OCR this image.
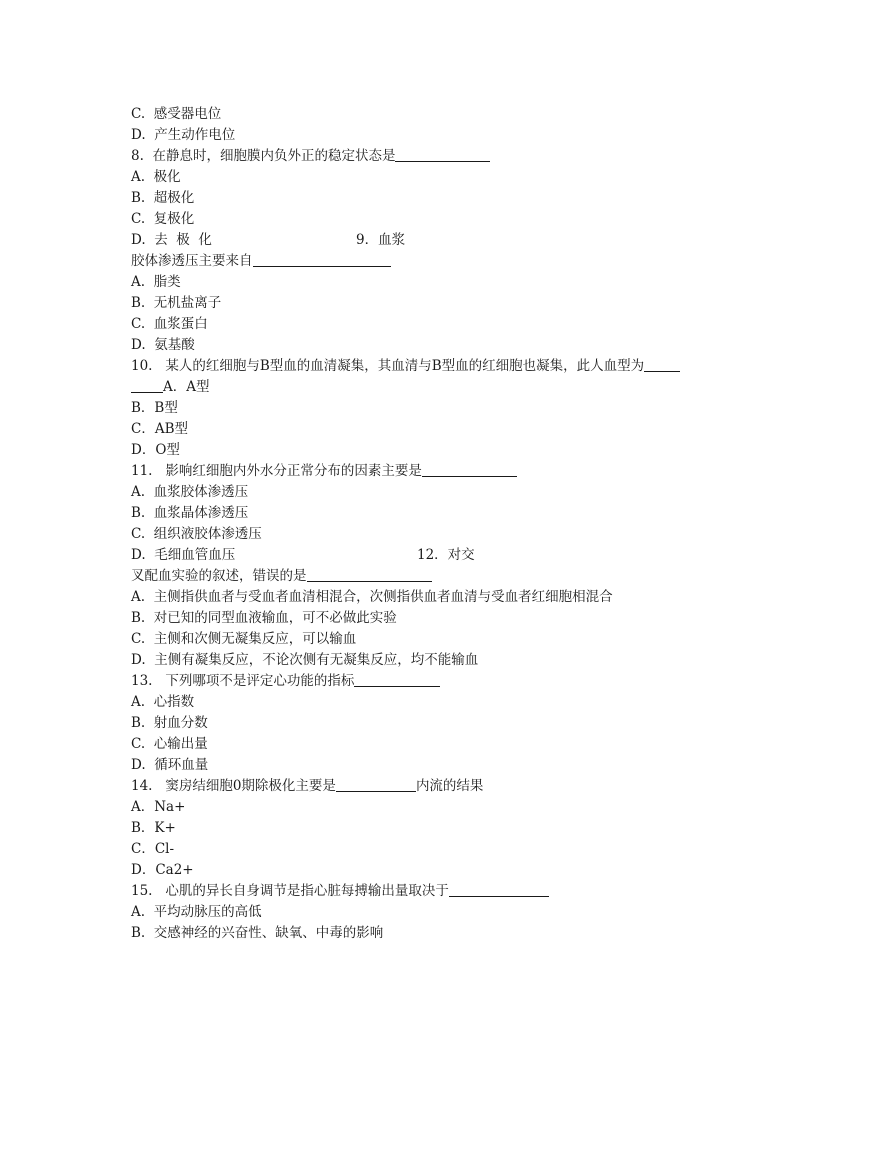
C.  感受器电位
D.  产生动作电位
8.  在静息时，细胞膜内负外正的稳定状态是
A.  极化
B.  超极化
C.  复极化
D.  去  极  化	9．血浆
胶体渗透压主要来自
A.  脂类
B.  无机盐离子
C.  血浆蛋白
D.  氨基酸
10.   某人的红细胞与B型血的血清凝集，其血清与B型血的红细胞也凝集，此人血型为
A．A型
B．B型
C．AB型
D．O型
11.   影响红细胞内外水分正常分布的因素主要是
A.  血浆胶体渗透压
B.  血浆晶体渗透压
C.  组织液胶体渗透压
D.  毛细血管血压	12．对交
叉配血实验的叙述，错误的是
A.  主侧指供血者与受血者血清相混合，次侧指供血者血清与受血者红细胞相混合
B.  对已知的同型血液输血，可不必做此实验
C.  主侧和次侧无凝集反应，可以输血
D.  主侧有凝集反应，不论次侧有无凝集反应，均不能输血
13.   下列哪项不是评定心功能的指标
A.  心指数
B.  射血分数
C.  心输出量
D.  循环血量
14.   窦房结细胞0期除极化主要是	内流的结果
A．Na+
B．K+
C．Cl-
D．Ca2+
15.   心肌的异长自身调节是指心脏每搏输出量取决于
A.  平均动脉压的高低
B.  交感神经的兴奋性、缺氧、中毒的影响
